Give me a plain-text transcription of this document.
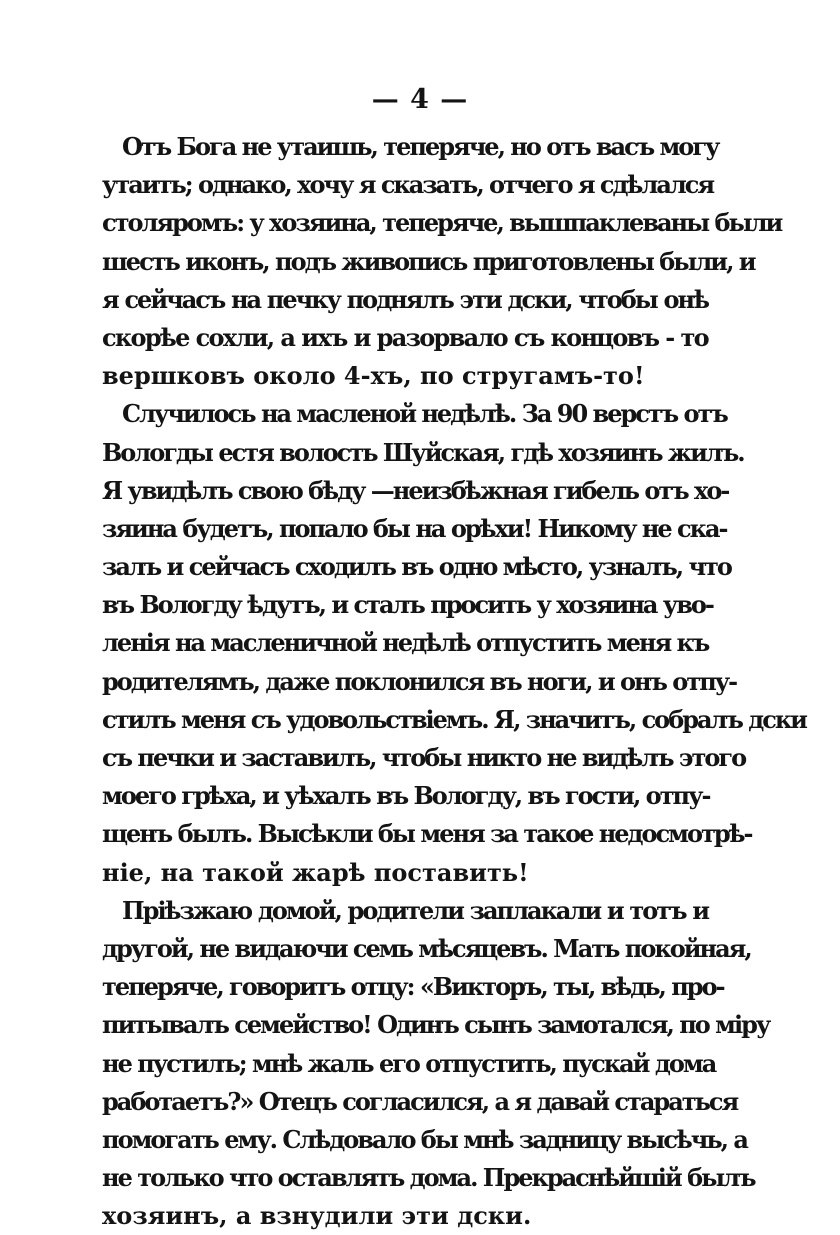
— 4 —
Отъ Бога не утаишь, теперяче, но отъ васъ могу
утаить; однако, хочу я сказать, отчего я сдѣлался
столяромъ: у хозяина, теперяче, вышпаклеваны были
шесть иконъ, подъ живопись приготовлены были, и
я сейчасъ на печку поднялъ эти дски, чтобы онѣ
скорѣе сохли, а ихъ и разорвало съ концовъ - то
вершковъ около 4-хъ, по стругамъ-то!
Случилось на масленой недѣлѣ. За 90 верстъ отъ
Вологды естя волость Шуйская, гдѣ хозяинъ жилъ.
Я увидѣлъ свою бѣду —неизбѣжная гибель отъ хо-
зяина будетъ, попало бы на орѣхи! Никому не ска-
залъ и сейчасъ сходилъ въ одно мѣсто, узналъ, что
въ Вологду ѣдутъ, и сталъ просить у хозяина уво-
ленія на масленичной недѣлѣ отпустить меня къ
родителямъ, даже поклонился въ ноги, и онъ отпу-
стилъ меня съ удовольствіемъ. Я, значитъ, собралъ дски
съ печки и заставилъ, чтобы никто не видѣлъ этого
моего грѣха, и уѣхалъ въ Вологду, въ гости, отпу-
щенъ былъ. Высѣкли бы меня за такое недосмотрѣ-
ніе, на такой жарѣ поставить!
Пріѣзжаю домой, родители заплакали и тотъ и
другой, не видаючи семь мѣсяцевъ. Мать покойная,
теперяче, говоритъ отцу: «Викторъ, ты, вѣдь, про-
питывалъ семейство! Одинъ сынъ замотался, по міру
не пустилъ; мнѣ жаль его отпустить, пускай дома
работаетъ?» Отецъ согласился, а я давай стараться
помогать ему. Слѣдовало бы мнѣ задницу высѣчь, а
не только что оставлять дома. Прекраснѣйшій былъ
хозяинъ, а взнудили эти дски.
